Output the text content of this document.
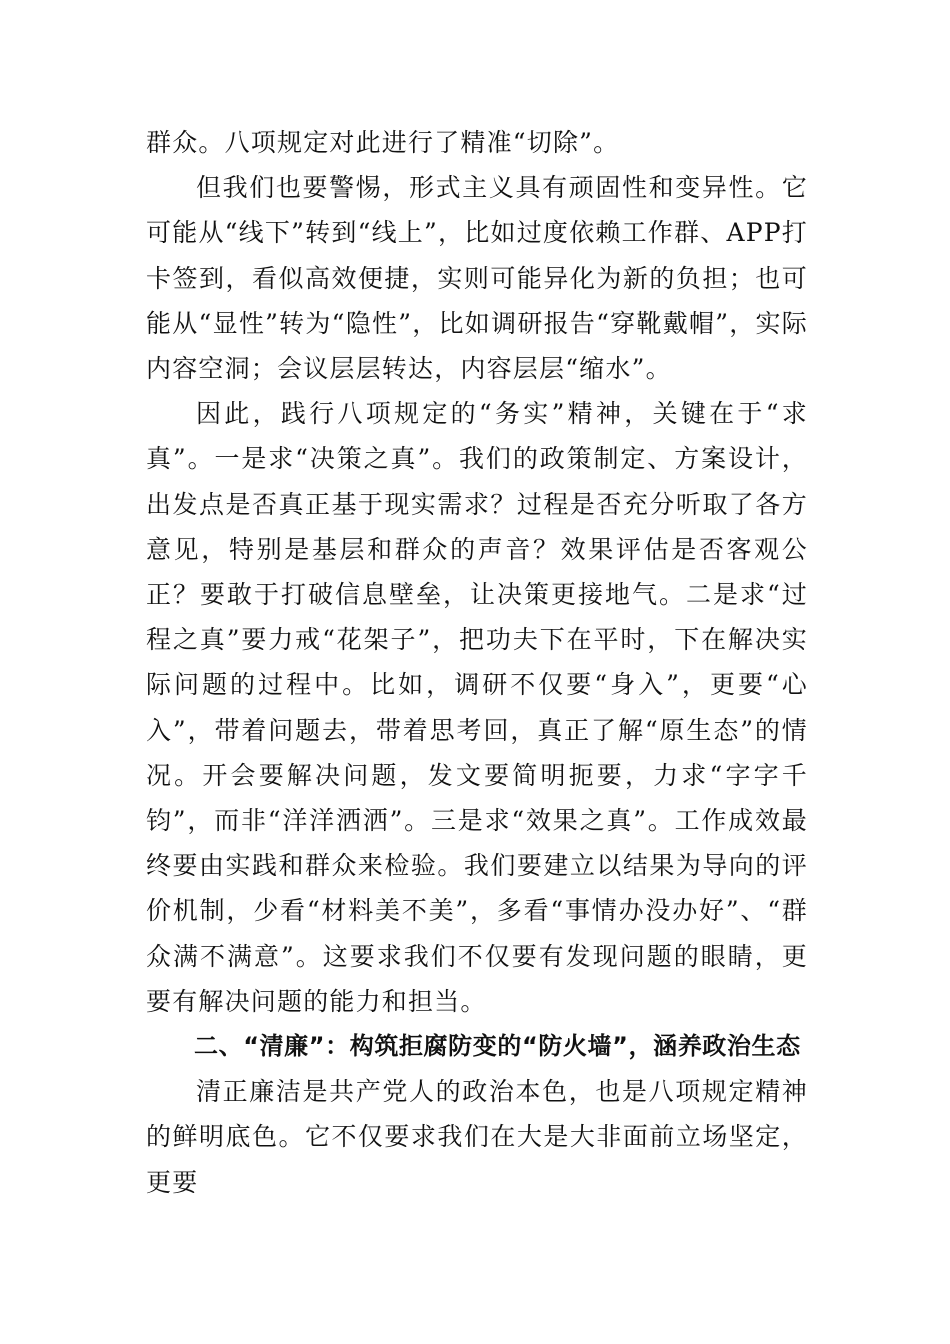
群众。八项规定对此进行了精准“切除”。

但我们也要警惕，形式主义具有顽固性和变异性。它可能从“线下”转到“线上”，比如过度依赖工作群、APP打卡签到，看似高效便捷，实则可能异化为新的负担；也可能从“显性”转为“隐性”，比如调研报告“穿靴戴帽”，实际内容空洞；会议层层转达，内容层层“缩水”。

因此，践行八项规定的“务实”精神，关键在于“求真”。一是求“决策之真”。我们的政策制定、方案设计，出发点是否真正基于现实需求？过程是否充分听取了各方意见，特别是基层和群众的声音？效果评估是否客观公正？要敢于打破信息壁垒，让决策更接地气。二是求“过程之真”要力戒“花架子”，把功夫下在平时，下在解决实际问题的过程中。比如，调研不仅要“身入”，更要“心入”，带着问题去，带着思考回，真正了解“原生态”的情况。开会要解决问题，发文要简明扼要，力求“字字千钧”，而非“洋洋洒洒”。三是求“效果之真”。工作成效最终要由实践和群众来检验。我们要建立以结果为导向的评价机制，少看“材料美不美”，多看“事情办没办好”、“群众满不满意”。这要求我们不仅要有发现问题的眼睛，更要有解决问题的能力和担当。

二、“清廉”：构筑拒腐防变的“防火墙”，涵养政治生态

清正廉洁是共产党人的政治本色，也是八项规定精神的鲜明底色。它不仅要求我们在大是大非面前立场坚定，更要
